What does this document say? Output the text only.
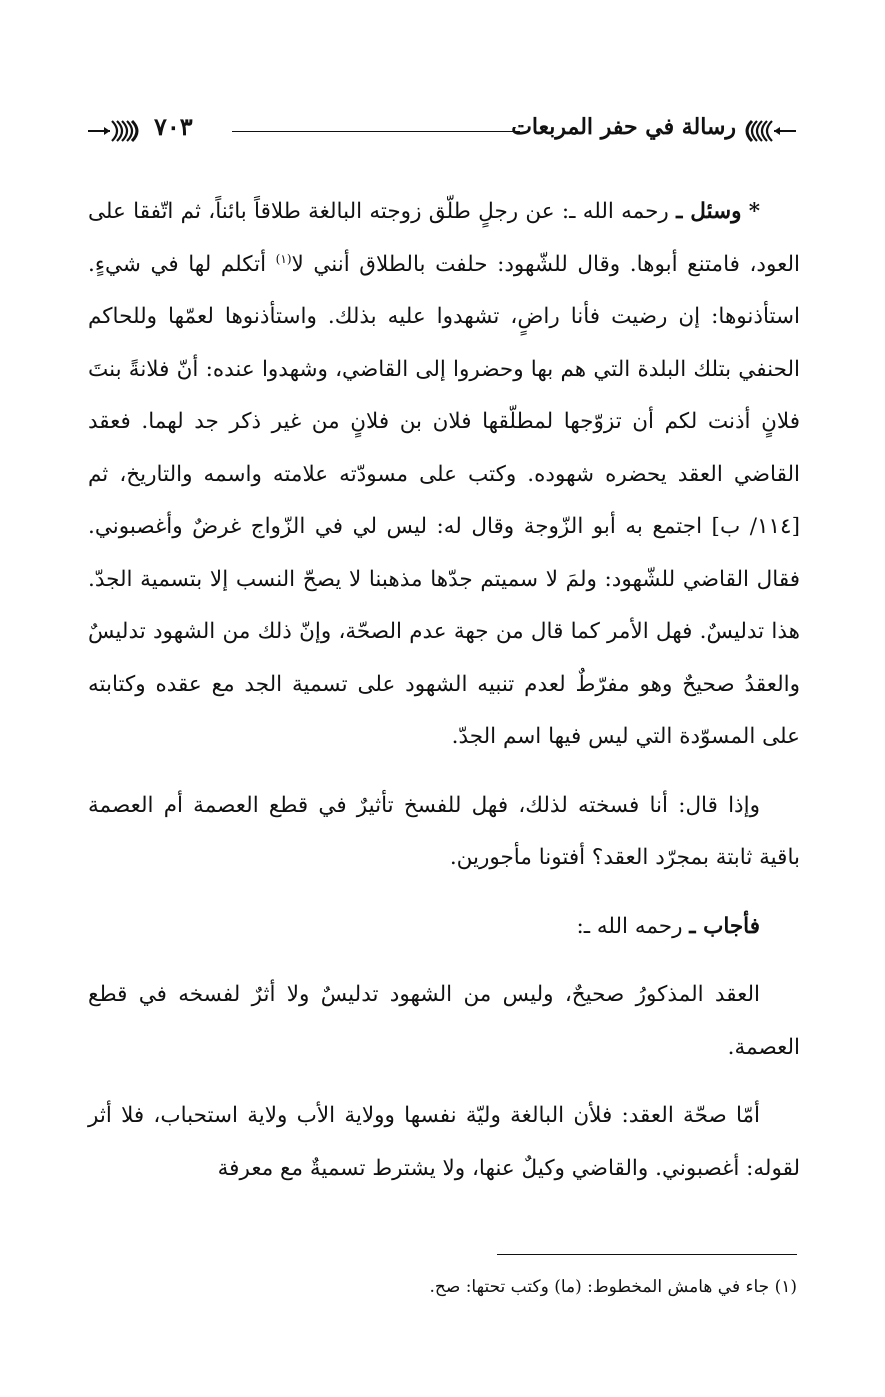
رسالة في حفر المربعات
٧٠٣

* وسئل ـ رحمه الله ـ: عن رجلٍ طلّق زوجته البالغة طلاقاً بائناً، ثم اتّفقا على العود، فامتنع أبوها. وقال للشّهود: حلفت بالطلاق أنني لا$^{(١)}$ أتكلم لها في شيءٍ. استأذنوها: إن رضيت فأنا راضٍ، تشهدوا عليه بذلك. واستأذنوها لعمّها وللحاكم الحنفي بتلك البلدة التي هم بها وحضروا إلى القاضي، وشهدوا عنده: أنّ فلانةً بنتَ فلانٍ أذنت لكم أن تزوّجها لمطلّقها فلان بن فلانٍ من غير ذكر جد لهما. فعقد القاضي العقد يحضره شهوده. وكتب على مسودّته علامته واسمه والتاريخ، ثم [١١٤/ ب] اجتمع به أبو الزّوجة وقال له: ليس لي في الزّواج غرضٌ وأغصبوني. فقال القاضي للشّهود: ولمَ لا سميتم جدّها مذهبنا لا يصحّ النسب إلا بتسمية الجدّ. هذا تدليسٌ. فهل الأمر كما قال من جهة عدم الصحّة، وإنّ ذلك من الشهود تدليسٌ والعقدُ صحيحٌ وهو مفرّطٌ لعدم تنبيه الشهود على تسمية الجد مع عقده وكتابته على المسوّدة التي ليس فيها اسم الجدّ.

وإذا قال: أنا فسخته لذلك، فهل للفسخ تأثيرٌ في قطع العصمة أم العصمة باقية ثابتة بمجرّد العقد؟ أفتونا مأجورين.

فأجاب ـ رحمه الله ـ:

العقد المذكورُ صحيحٌ، وليس من الشهود تدليسٌ ولا أثرٌ لفسخه في قطع العصمة.

أمّا صحّة العقد: فلأن البالغة وليّة نفسها وولاية الأب ولاية استحباب، فلا أثر لقوله: أغصبوني. والقاضي وكيلٌ عنها، ولا يشترط تسميةٌ مع معرفة

(١) جاء في هامش المخطوط: (ما) وكتب تحتها: صح.
